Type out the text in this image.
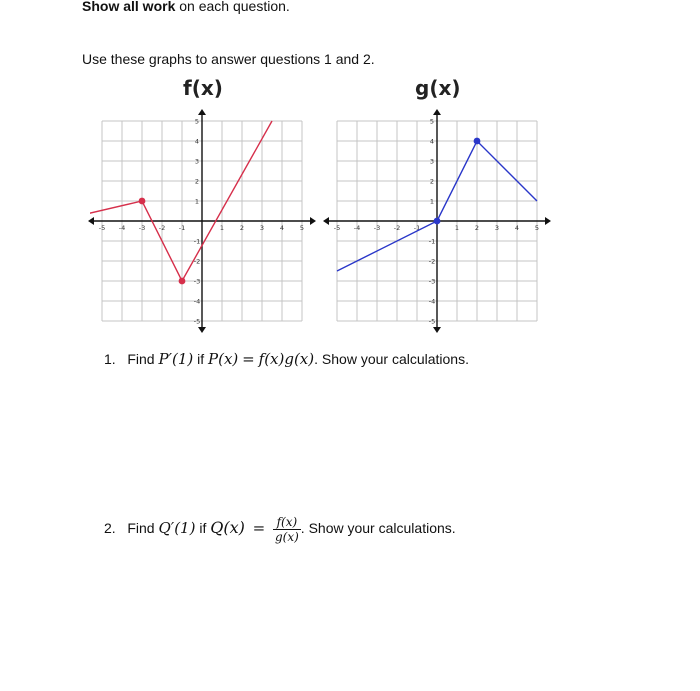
Show all work on each question.
Use these graphs to answer questions 1 and 2.
f(x)	g(x)
-5 -4 -3 -2 -1	1 2 3 4 5
5
4
3
2
1
-1
-2
-3
-4
-5
-5 -4 -3 -2 -1	1 2 3 4 5
5
4
3
2
1
-1
-2
-3
-4
-5
1. Find P′(1) if P(x) = f(x)g(x). Show your calculations.
2. Find Q′(1) if $Q(x) = \frac{f(x)}{g(x)}$ . Show your calculations.
